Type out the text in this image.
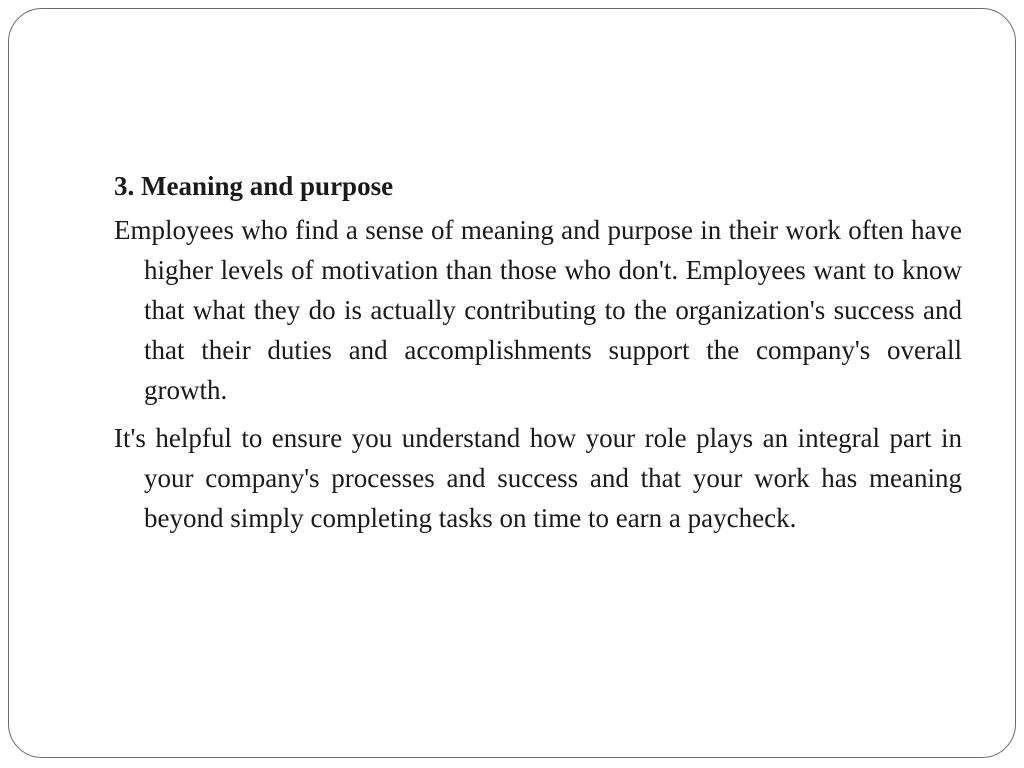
3. Meaning and purpose

Employees who find a sense of meaning and purpose in their work often have higher levels of motivation than those who don't. Employees want to know that what they do is actually contributing to the organization's success and that their duties and accomplishments support the company's overall growth.

It's helpful to ensure you understand how your role plays an integral part in your company's processes and success and that your work has meaning beyond simply completing tasks on time to earn a paycheck.
